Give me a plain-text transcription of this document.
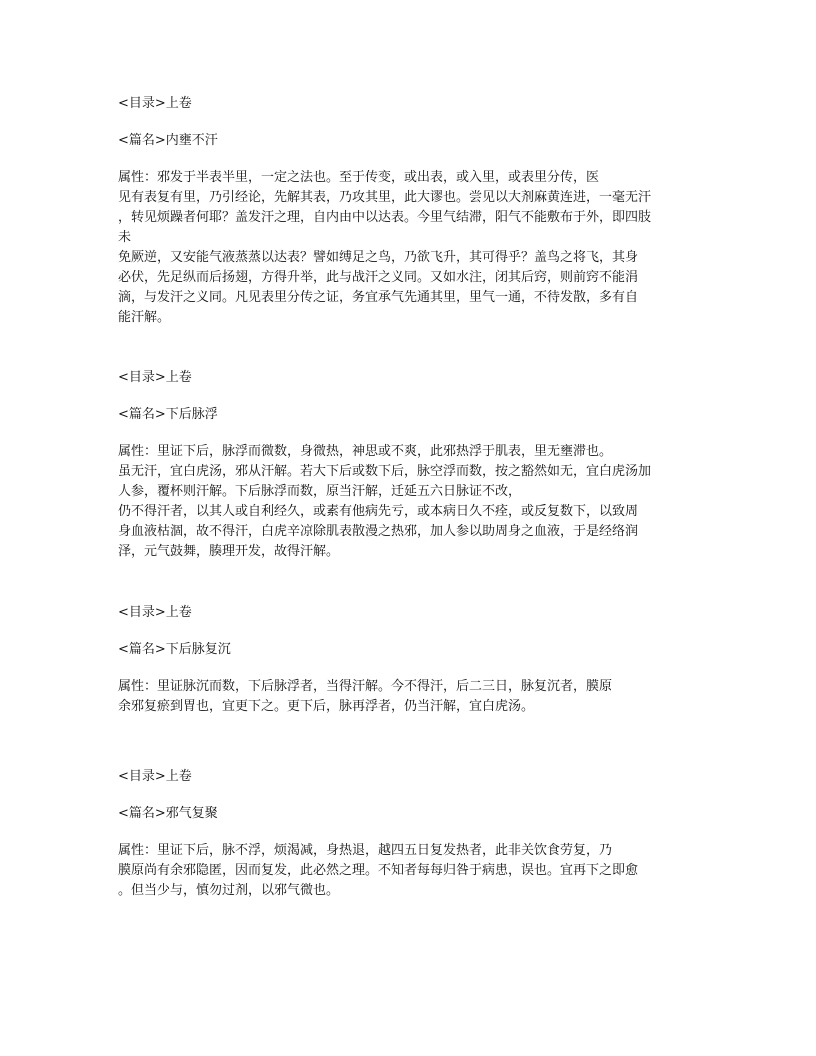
<目录>上卷
<篇名>内壅不汗
属性：邪发于半表半里，一定之法也。至于传变，或出表，或入里，或表里分传，医
见有表复有里，乃引经论，先解其表，乃攻其里，此大谬也。尝见以大剂麻黄连进，一毫无汗
，转见烦躁者何耶？盖发汗之理，自内由中以达表。今里气结滞，阳气不能敷布于外，即四肢
未
免厥逆，又安能气液蒸蒸以达表？譬如缚足之鸟，乃欲飞升，其可得乎？盖鸟之将飞，其身
必伏，先足纵而后扬翅，方得升举，此与战汗之义同。又如水注，闭其后窍，则前窍不能涓
滴，与发汗之义同。凡见表里分传之证，务宜承气先通其里，里气一通，不待发散，多有自
能汗解。
<目录>上卷
<篇名>下后脉浮
属性：里证下后，脉浮而微数，身微热，神思或不爽，此邪热浮于肌表，里无壅滞也。
虽无汗，宜白虎汤，邪从汗解。若大下后或数下后，脉空浮而数，按之豁然如无，宜白虎汤加
人参，覆杯则汗解。下后脉浮而数，原当汗解，迁延五六日脉证不改，
仍不得汗者，以其人或自利经久，或素有他病先亏，或本病日久不痊，或反复数下，以致周
身血液枯涸，故不得汗，白虎辛凉除肌表散漫之热邪，加人参以助周身之血液，于是经络润
泽，元气鼓舞，腠理开发，故得汗解。
<目录>上卷
<篇名>下后脉复沉
属性：里证脉沉而数，下后脉浮者，当得汗解。今不得汗，后二三日，脉复沉者，膜原
余邪复瘀到胃也，宜更下之。更下后，脉再浮者，仍当汗解，宜白虎汤。
<目录>上卷
<篇名>邪气复聚
属性：里证下后，脉不浮，烦渴减，身热退，越四五日复发热者，此非关饮食劳复，乃
膜原尚有余邪隐匿，因而复发，此必然之理。不知者每每归咎于病患，误也。宜再下之即愈
。但当少与，慎勿过剂，以邪气微也。
